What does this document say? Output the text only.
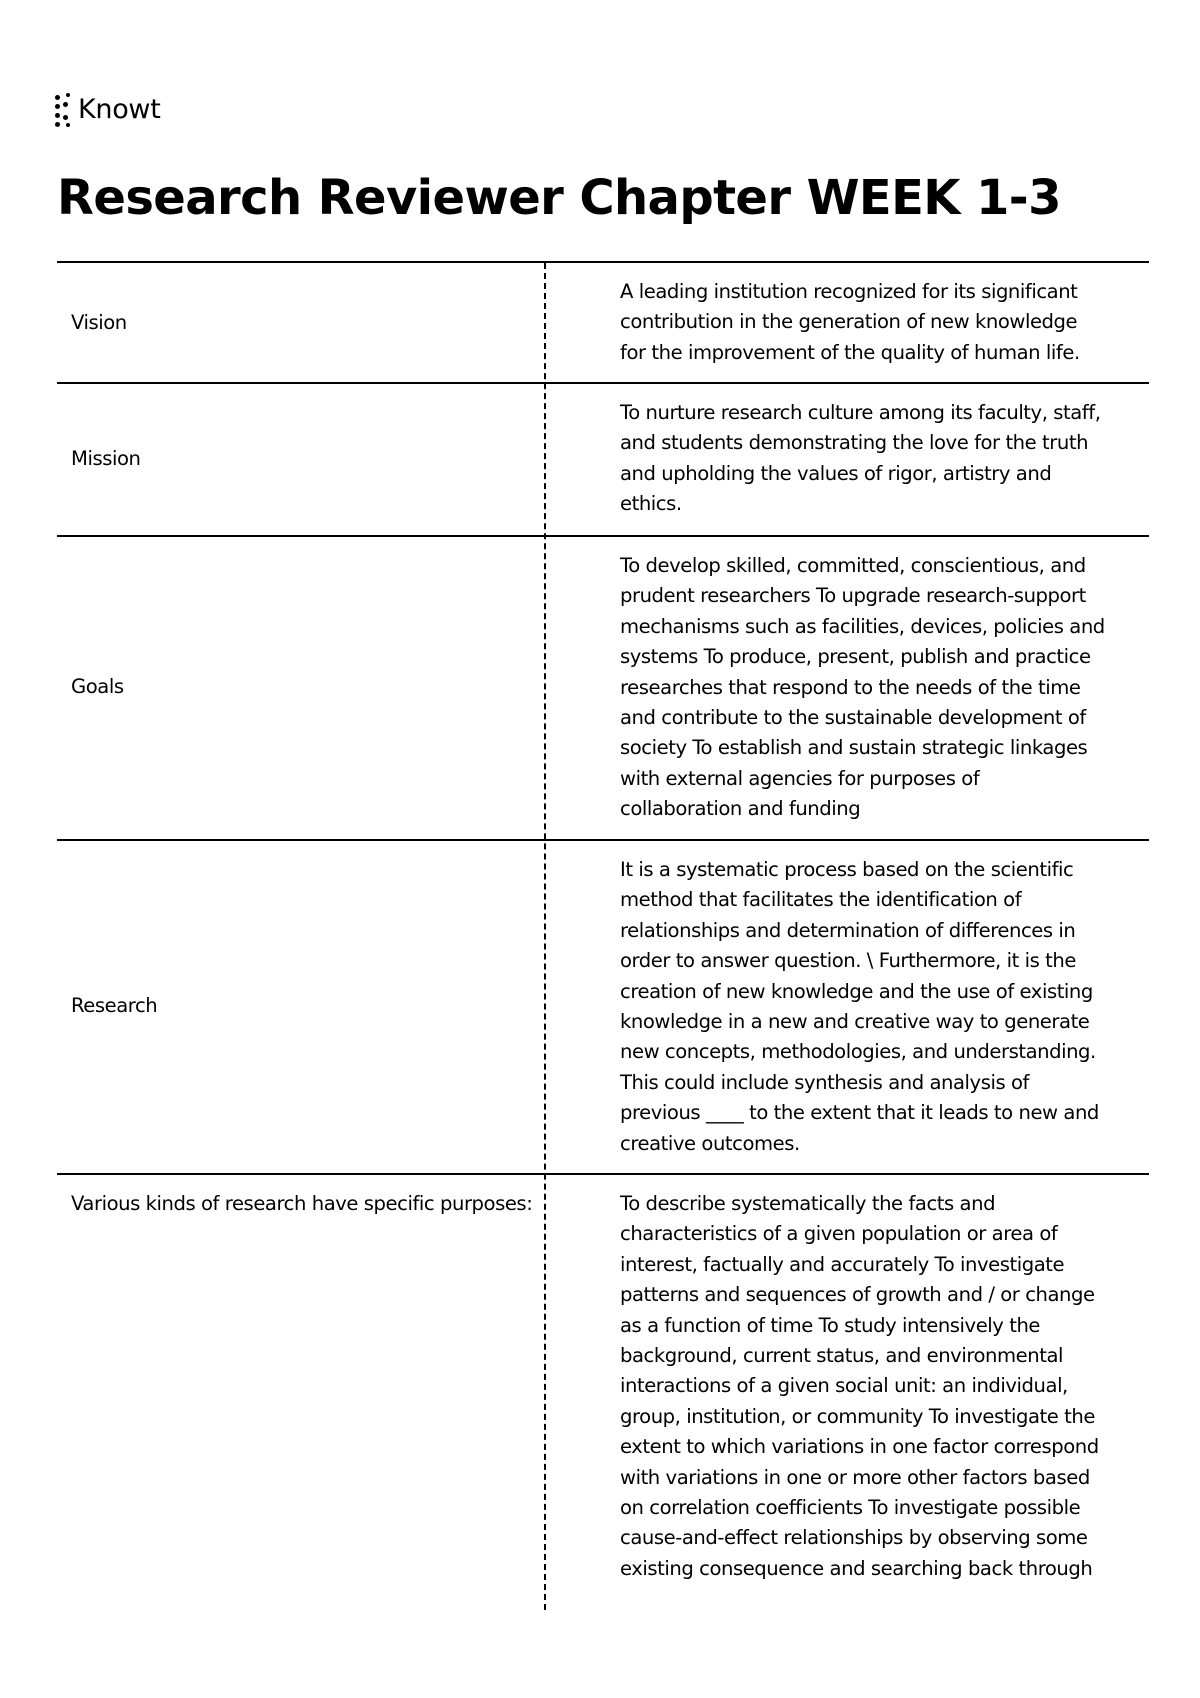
Knowt
Research Reviewer Chapter WEEK 1-3
Vision
A leading institution recognized for its significant
contribution in the generation of new knowledge
for the improvement of the quality of human life.
Mission
To nurture research culture among its faculty, staff,
and students demonstrating the love for the truth
and upholding the values of rigor, artistry and
ethics.
Goals
To develop skilled, committed, conscientious, and
prudent researchers To upgrade research-support
mechanisms such as facilities, devices, policies and
systems To produce, present, publish and practice
researches that respond to the needs of the time
and contribute to the sustainable development of
society To establish and sustain strategic linkages
with external agencies for purposes of
collaboration and funding
Research
It is a systematic process based on the scientific
method that facilitates the identification of
relationships and determination of differences in
order to answer question. \ Furthermore, it is the
creation of new knowledge and the use of existing
knowledge in a new and creative way to generate
new concepts, methodologies, and understanding.
This could include synthesis and analysis of
previous ____ to the extent that it leads to new and
creative outcomes.
Various kinds of research have specific purposes:	To describe systematically the facts and
characteristics of a given population or area of
interest, factually and accurately To investigate
patterns and sequences of growth and / or change
as a function of time To study intensively the
background, current status, and environmental
interactions of a given social unit: an individual,
group, institution, or community To investigate the
extent to which variations in one factor correspond
with variations in one or more other factors based
on correlation coefficients To investigate possible
cause-and-effect relationships by observing some
existing consequence and searching back through
